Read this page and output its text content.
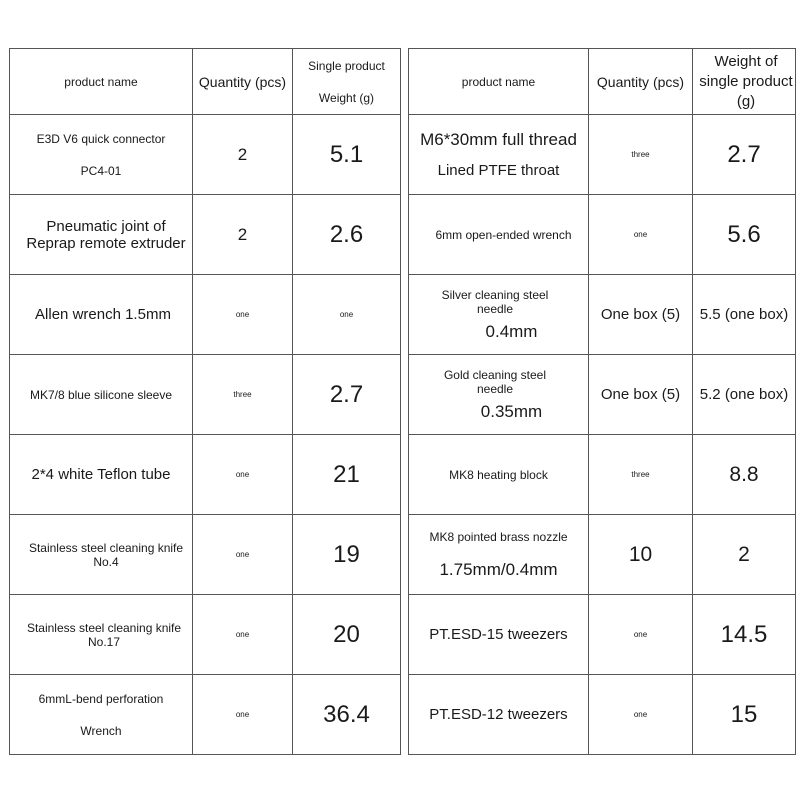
product name	Quantity (pcs)	Single product
Weight (g)

E3D V6 quick connector
PC4-01	2	5.1
Pneumatic joint of Reprap remote extruder	2	2.6
Allen wrench 1.5mm	one	one
MK7/8 blue silicone sleeve	three	2.7
2*4 white Teflon tube	one	21
Stainless steel cleaning knife No.4	one	19
Stainless steel cleaning knife No.17	one	20

6mmL-bend perforation
Wrench	one	36.4
product name	Quantity (pcs)	Weight of single product (g)

M6*30mm full thread
Lined PTFE throat	three	2.7
6mm open-ended wrench	one	5.6

Silver cleaning steel needle
0.4mm	One box (5)	5.5 (one box)

Gold cleaning steel needle
0.35mm	One box (5)	5.2 (one box)
MK8 heating block	three	8.8

MK8 pointed brass nozzle
1.75mm/0.4mm	10	2
PT.ESD-15 tweezers	one	14.5
PT.ESD-12 tweezers	one	15
